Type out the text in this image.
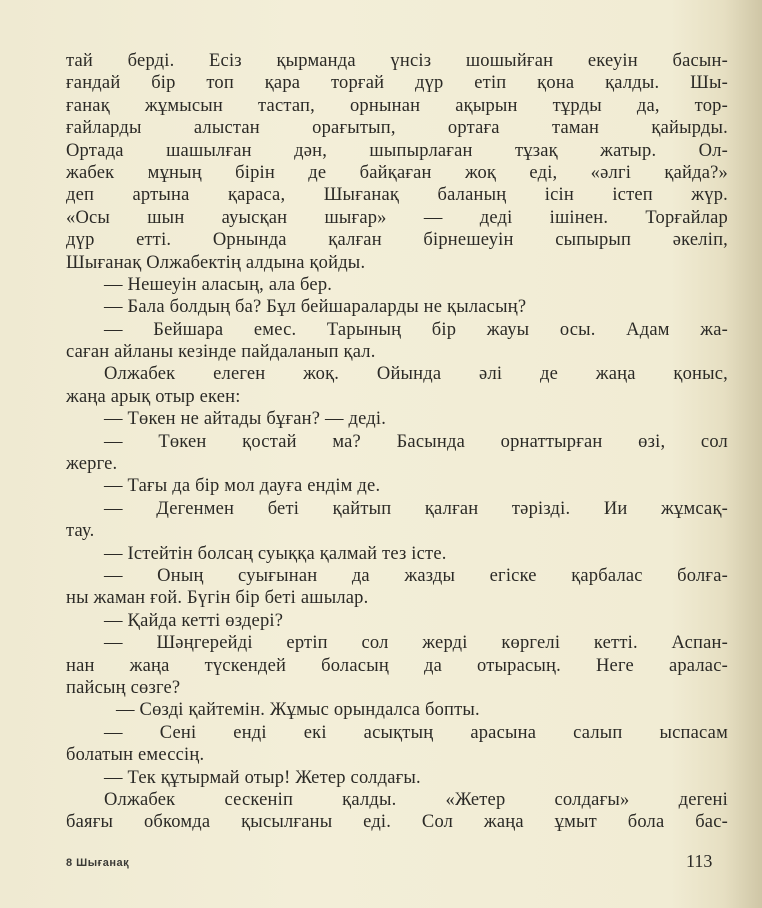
тай берді. Есіз қырманда үнсіз шошыйған екеуін басын-
ғандай бір топ қара торғай дүр етіп қона қалды. Шы-
ғанақ жұмысын тастап, орнынан ақырын тұрды да, тор-
ғайларды алыстан орағытып, ортаға таман қайырды.
Ортада шашылған дән, шыпырлаған тұзақ жатыр. Ол-
жабек мұның бірін де байқаған жоқ еді, «әлгі қайда?»
деп артына қараса, Шығанақ баланың ісін істеп жүр.
«Осы шын ауысқан шығар» — деді ішінен. Торғайлар
дүр етті. Орнында қалған бірнешеуін сыпырып әкеліп,
Шығанақ Олжабектің алдына қойды.
— Нешеуін аласың, ала бер.
— Бала болдың ба? Бұл бейшараларды не қыласың?
— Бейшара емес. Тарының бір жауы осы. Адам жа-
саған айланы кезінде пайдаланып қал.
Олжабек елеген жоқ. Ойында әлі де жаңа қоныс,
жаңа арық отыр екен:
— Төкен не айтады бұған? — деді.
— Төкен қостай ма? Басында орнаттырған өзі, сол
жерге.
— Тағы да бір мол дауға ендім де.
— Дегенмен беті қайтып қалған тәрізді. Ии жұмсақ-
тау.
— Істейтін болсаң суыққа қалмай тез істе.
— Оның суығынан да жазды егіске қарбалас болға-
ны жаман ғой. Бүгін бір беті ашылар.
— Қайда кетті өздері?
— Шәңгерейді ертіп сол жерді көргелі кетті. Аспан-
нан жаңа түскендей боласың да отырасың. Неге аралас-
пайсың сөзге?
— Сөзді қайтемін. Жұмыс орындалса бопты.
— Сені енді екі асықтың арасына салып ыспасам
болатын емессің.
— Тек құтырмай отыр! Жетер солдағы.
Олжабек сескеніп қалды. «Жетер солдағы» дегені
баяғы обкомда қысылғаны еді. Сол жаңа ұмыт бола бас-
8 Шығанақ	113
